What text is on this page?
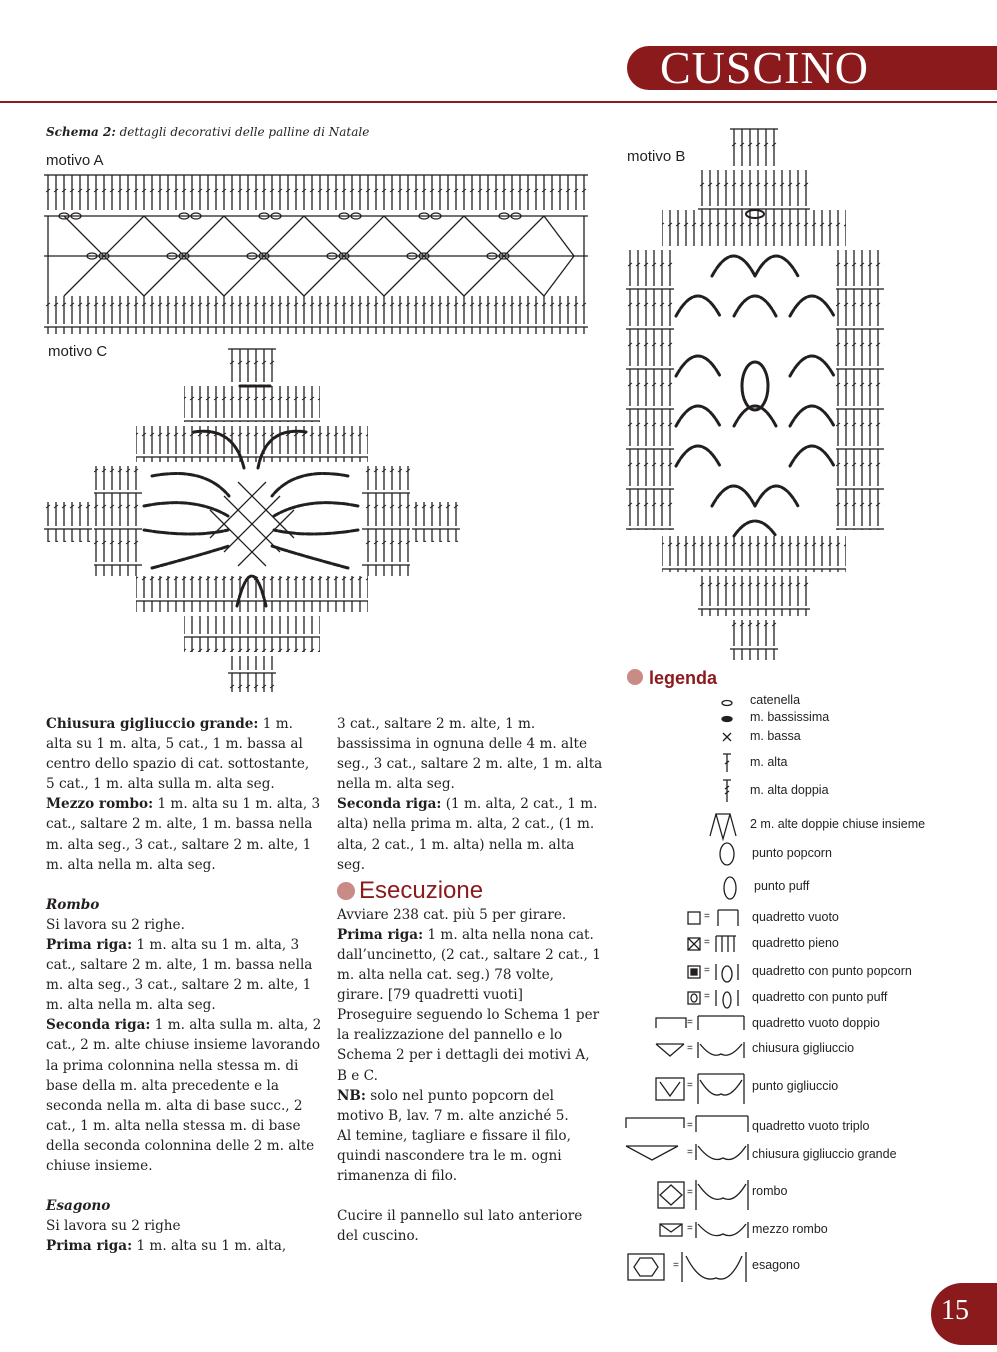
CUSCINO
Schema 2: dettagli decorativi delle palline di Natale
motivo A	motivo B
motivo C

Chiusura gigliuccio grande: 1 m. alta su 1 m. alta, 5 cat., 1 m. bassa al centro dello spazio di cat. sottostante, 5 cat., 1 m. alta sulla m. alta seg.

Mezzo rombo: 1 m. alta su 1 m. alta, 3 cat., saltare 2 m. alte, 1 m. bassa nella m. alta seg., 3 cat., saltare 2 m. alte, 1 m. alta nella m. alta seg.

Rombo

Si lavora su 2 righe.

Prima riga: 1 m. alta su 1 m. alta, 3 cat., saltare 2 m. alte, 1 m. bassa nella m. alta seg., 3 cat., saltare 2 m. alte, 1 m. alta nella m. alta seg.

Seconda riga: 1 m. alta sulla m. alta, 2 cat., 2 m. alte chiuse insieme lavorando la prima colonnina nella stessa m. di base della m. alta precedente e la seconda nella m. alta di base succ., 2 cat., 1 m. alta nella stessa m. di base della seconda colonnina delle 2 m. alte chiuse insieme.

Esagono

Si lavora su 2 righe

Prima riga: 1 m. alta su 1 m. alta,

3 cat., saltare 2 m. alte, 1 m. bassissima in ognuna delle 4 m. alte seg., 3 cat., saltare 2 m. alte, 1 m. alta nella m. alta seg.

Seconda riga: (1 m. alta, 2 cat., 1 m. alta) nella prima m. alta, 2 cat., (1 m. alta, 2 cat., 1 m. alta) nella m. alta seg.

Esecuzione

Avviare 238 cat. più 5 per girare.

Prima riga: 1 m. alta nella nona cat. dall’uncinetto, (2 cat., saltare 2 cat., 1 m. alta nella cat. seg.) 78 volte, girare. [79 quadretti vuoti]

Proseguire seguendo lo Schema 1 per la realizzazione del pannello e lo Schema 2 per i dettagli dei motivi A, B e C.

NB: solo nel punto popcorn del motivo B, lav. 7 m. alte anziché 5.

Al temine, tagliare e fissare il filo, quindi nascondere tra le m. ogni rimanenza di filo.

Cucire il pannello sul lato anteriore del cuscino.

legenda
catenella
m. bassissima
m. bassa
m. alta
m. alta doppia
2 m. alte doppie chiuse insieme
punto popcorn
punto puff
quadretto vuoto
quadretto pieno
quadretto con punto popcorn
quadretto con punto puff
quadretto vuoto doppio
chiusura gigliuccio
punto gigliuccio
quadretto vuoto triplo
chiusura gigliuccio grande
rombo
mezzo rombo
esagono
=
=
=
=
=
=
=
=
=
=
=
=
15
